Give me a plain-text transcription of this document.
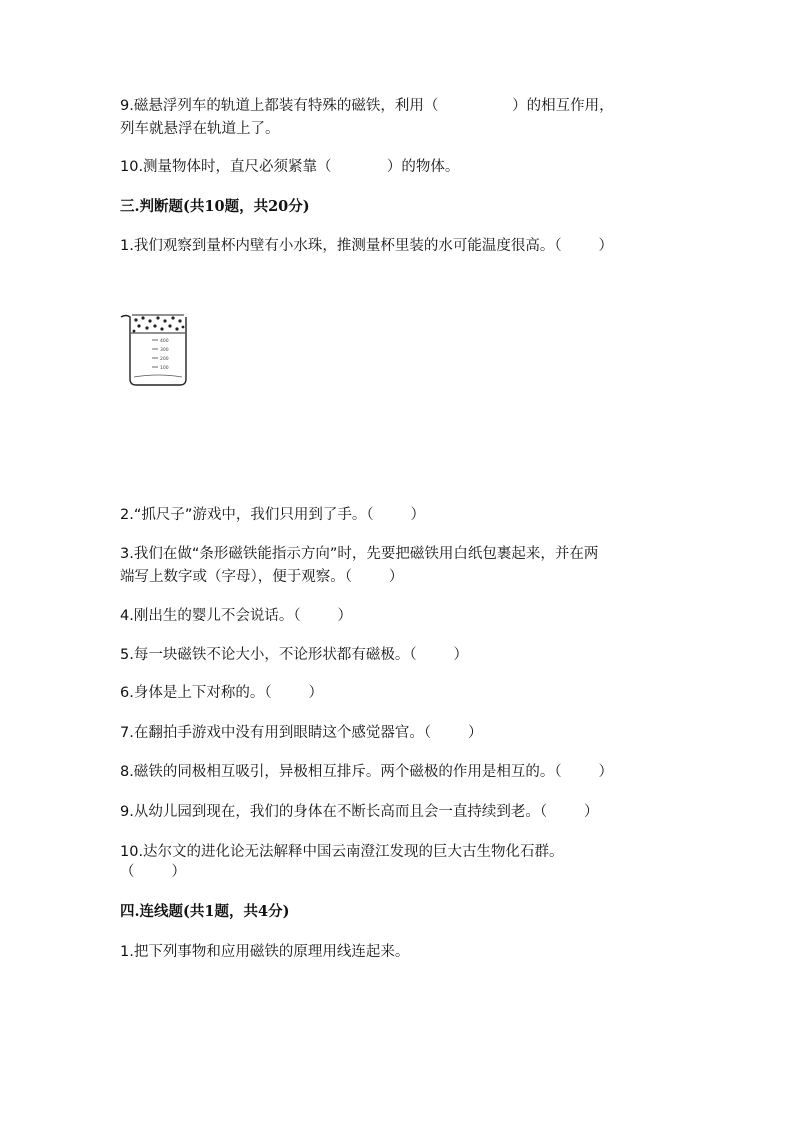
9.磁悬浮列车的轨道上都装有特殊的磁铁，利用（                ）的相互作用，
列车就悬浮在轨道上了。
10.测量物体时，直尺必须紧靠（            ）的物体。
三.判断题(共10题，共20分)
1.我们观察到量杯内壁有小水珠，推测量杯里装的水可能温度很高。（        ）
400
300
200
100
2.“抓尺子”游戏中，我们只用到了手。（        ）
3.我们在做“条形磁铁能指示方向”时，先要把磁铁用白纸包裹起来，并在两
端写上数字或（字母），便于观察。（        ）
4.刚出生的婴儿不会说话。（        ）
5.每一块磁铁不论大小，不论形状都有磁极。（        ）
6.身体是上下对称的。（        ）
7.在翻拍手游戏中没有用到眼睛这个感觉器官。（        ）
8.磁铁的同极相互吸引，异极相互排斥。两个磁极的作用是相互的。（        ）
9.从幼儿园到现在，我们的身体在不断长高而且会一直持续到老。（        ）
10.达尔文的进化论无法解释中国云南澄江发现的巨大古生物化石群。
（        ）
四.连线题(共1题，共4分)
1.把下列事物和应用磁铁的原理用线连起来。
